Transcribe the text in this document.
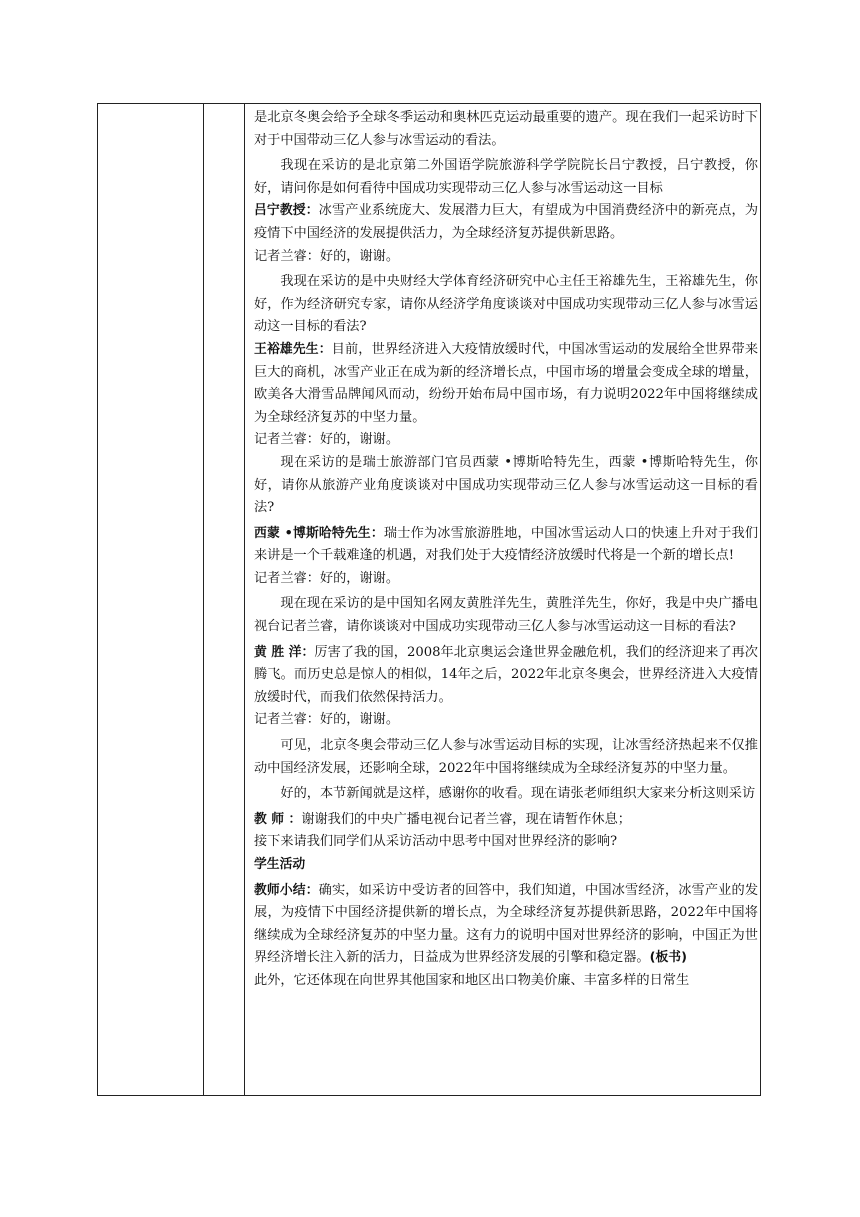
是北京冬奥会给予全球冬季运动和奥林匹克运动最重要的遗产。现在我们一起采访时下对于中国带动三亿人参与冰雪运动的看法。

我现在采访的是北京第二外国语学院旅游科学学院院长吕宁教授，吕宁教授，你好，请问你是如何看待中国成功实现带动三亿人参与冰雪运动这一目标

吕宁教授：冰雪产业系统庞大、发展潜力巨大，有望成为中国消费经济中的新亮点，为疫情下中国经济的发展提供活力，为全球经济复苏提供新思路。

记者兰睿：好的，谢谢。

我现在采访的是中央财经大学体育经济研究中心主任王裕雄先生，王裕雄先生，你好，作为经济研究专家，请你从经济学角度谈谈对中国成功实现带动三亿人参与冰雪运动这一目标的看法?

王裕雄先生：目前，世界经济进入大疫情放缓时代，中国冰雪运动的发展给全世界带来巨大的商机，冰雪产业正在成为新的经济增长点，中国市场的增量会变成全球的增量，欧美各大滑雪品牌闻风而动，纷纷开始布局中国市场，有力说明2022年中国将继续成为全球经济复苏的中坚力量。

记者兰睿：好的，谢谢。

现在采访的是瑞士旅游部门官员西蒙 •博斯哈特先生，西蒙 •博斯哈特先生，你好，请你从旅游产业角度谈谈对中国成功实现带动三亿人参与冰雪运动这一目标的看法?

西蒙 •博斯哈特先生：瑞士作为冰雪旅游胜地，中国冰雪运动人口的快速上升对于我们来讲是一个千载难逢的机遇，对我们处于大疫情经济放缓时代将是一个新的增长点!

记者兰睿：好的，谢谢。

现在现在采访的是中国知名网友黄胜洋先生，黄胜洋先生，你好，我是中央广播电视台记者兰睿，请你谈谈对中国成功实现带动三亿人参与冰雪运动这一目标的看法?

黄 胜 洋：厉害了我的国，2008年北京奥运会逢世界金融危机，我们的经济迎来了再次腾飞。而历史总是惊人的相似，14年之后，2022年北京冬奥会，世界经济进入大疫情放缓时代，而我们依然保持活力。

记者兰睿：好的，谢谢。

可见，北京冬奥会带动三亿人参与冰雪运动目标的实现，让冰雪经济热起来不仅推动中国经济发展，还影响全球，2022年中国将继续成为全球经济复苏的中坚力量。

好的，本节新闻就是这样，感谢你的收看。现在请张老师组织大家来分析这则采访

教 师 ：谢谢我们的中央广播电视台记者兰睿，现在请暂作休息；

接下来请我们同学们从采访活动中思考中国对世界经济的影响?

学生活动

教师小结：确实，如采访中受访者的回答中，我们知道，中国冰雪经济，冰雪产业的发展，为疫情下中国经济提供新的增长点，为全球经济复苏提供新思路，2022年中国将继续成为全球经济复苏的中坚力量。这有力的说明中国对世界经济的影响，中国正为世界经济增长注入新的活力，日益成为世界经济发展的引擎和稳定器。(板书)

此外，它还体现在向世界其他国家和地区出口物美价廉、丰富多样的日常生
